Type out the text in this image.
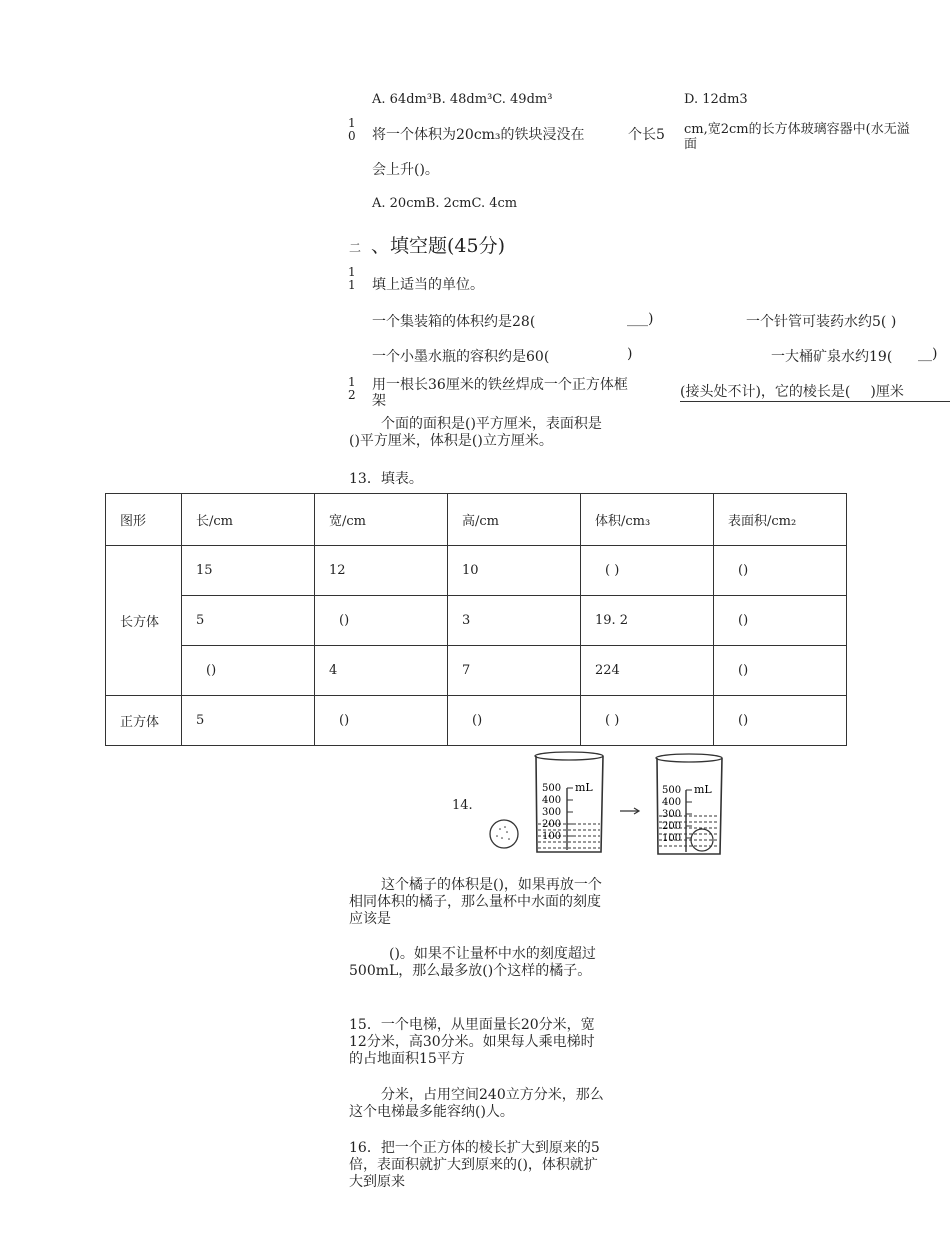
A. 64dm³B. 48dm³C. 49dm³	D. 12dm3
1
0 将一个体积为20cm₃的铁块浸没在	个长5 cm,宽2cm的长方体玻璃容器中(水无溢
面
会上升()。
A. 20cmB. 2cmC. 4cm
二 、填空题(45分)
1
1 填上适当的单位。
一个集装箱的体积约是28(	___)	一个针管可装药水约5( )
一个小墨水瓶的容积约是60(	)	一大桶矿泉水约19( __)
1
2
用一根长36厘米的铁丝焊成一个正方体框
架
(接头处不计)，它的棱长是( )厘米

个面的面积是()平方厘米，表面积是()平方厘米，体积是()立方厘米。

13．填表。
图形	长/cm	宽/cm	高/cm	体积/cm₃	表面积/cm₂
长方体	15	12	10	( )	()
	5	()	3	19. 2	()
	()	4	7	224	()
正方体	5	()	()	( )	()
14.
mL
500
400
300
200
100
mL
500
400
300
200
100

这个橘子的体积是()，如果再放一个相同体积的橘子，那么量杯中水面的刻度应该是

()。如果不让量杯中水的刻度超过500mL，那么最多放()个这样的橘子。

15．一个电梯，从里面量长20分米，宽12分米，高30分米。如果每人乘电梯时的占地面积15平方

分米，占用空间240立方分米，那么这个电梯最多能容纳()人。

16．把一个正方体的棱长扩大到原来的5倍，表面积就扩大到原来的()，体积就扩大到原来
